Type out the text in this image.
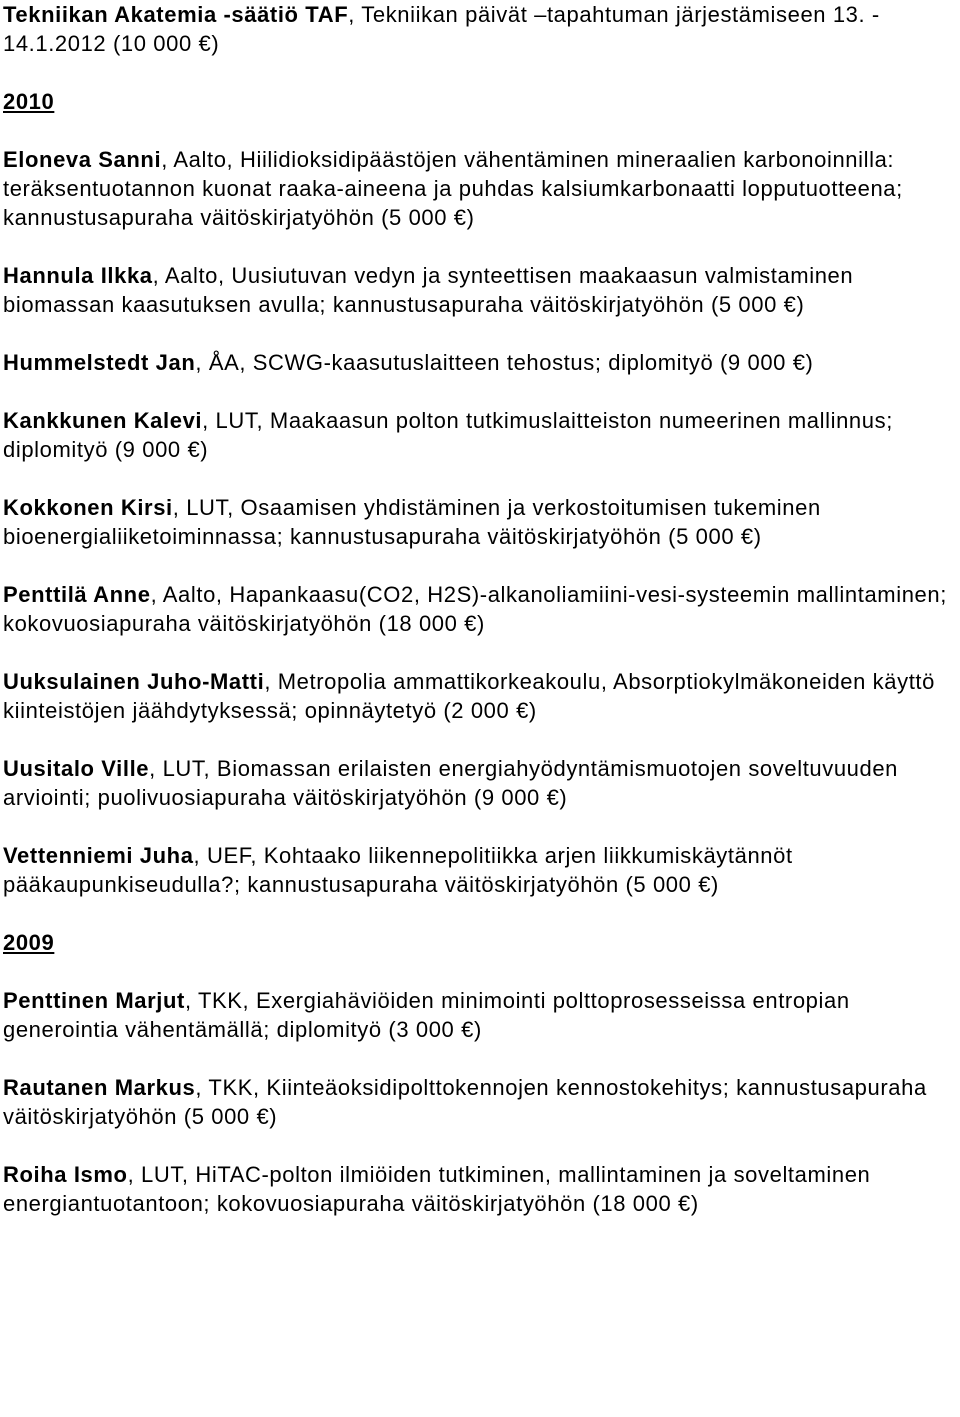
Tekniikan Akatemia -säätiö TAF, Tekniikan päivät –tapahtuman järjestämiseen 13. - 14.1.2012 (10 000 €)

2010

Eloneva Sanni, Aalto, Hiilidioksidipäästöjen vähentäminen mineraalien karbonoinnilla: teräksentuotannon kuonat raaka-aineena ja puhdas kalsiumkarbonaatti lopputuotteena; kannustusapuraha väitöskirjatyöhön (5 000 €)

Hannula Ilkka, Aalto, Uusiutuvan vedyn ja synteettisen maakaasun valmistaminen biomassan kaasutuksen avulla; kannustusapuraha väitöskirjatyöhön (5 000 €)

Hummelstedt Jan, ÅA, SCWG-kaasutuslaitteen tehostus; diplomityö (9 000 €)

Kankkunen Kalevi, LUT, Maakaasun polton tutkimuslaitteiston numeerinen mallinnus; diplomityö (9 000 €)

Kokkonen Kirsi, LUT, Osaamisen yhdistäminen ja verkostoitumisen tukeminen bioenergialiiketoiminnassa; kannustusapuraha väitöskirjatyöhön (5 000 €)

Penttilä Anne, Aalto, Hapankaasu(CO2, H2S)-alkanoliamiini-vesi-systeemin mallintaminen; kokovuosiapuraha väitöskirjatyöhön (18 000 €)

Uuksulainen Juho-Matti, Metropolia ammattikorkeakoulu, Absorptiokylmäkoneiden käyttö kiinteistöjen jäähdytyksessä; opinnäytetyö (2 000 €)

Uusitalo Ville, LUT, Biomassan erilaisten energiahyödyntämismuotojen soveltuvuuden arviointi; puolivuosiapuraha väitöskirjatyöhön (9 000 €)

Vettenniemi Juha, UEF, Kohtaako liikennepolitiikka arjen liikkumiskäytännöt pääkaupunkiseudulla?; kannustusapuraha väitöskirjatyöhön (5 000 €)

2009

Penttinen Marjut, TKK, Exergiahäviöiden minimointi polttoprosesseissa entropian generointia vähentämällä; diplomityö (3 000 €)

Rautanen Markus, TKK, Kiinteäoksidipolttokennojen kennostokehitys; kannustusapuraha väitöskirjatyöhön (5 000 €)

Roiha Ismo, LUT, HiTAC-polton ilmiöiden tutkiminen, mallintaminen ja soveltaminen energiantuotantoon; kokovuosiapuraha väitöskirjatyöhön (18 000 €)
